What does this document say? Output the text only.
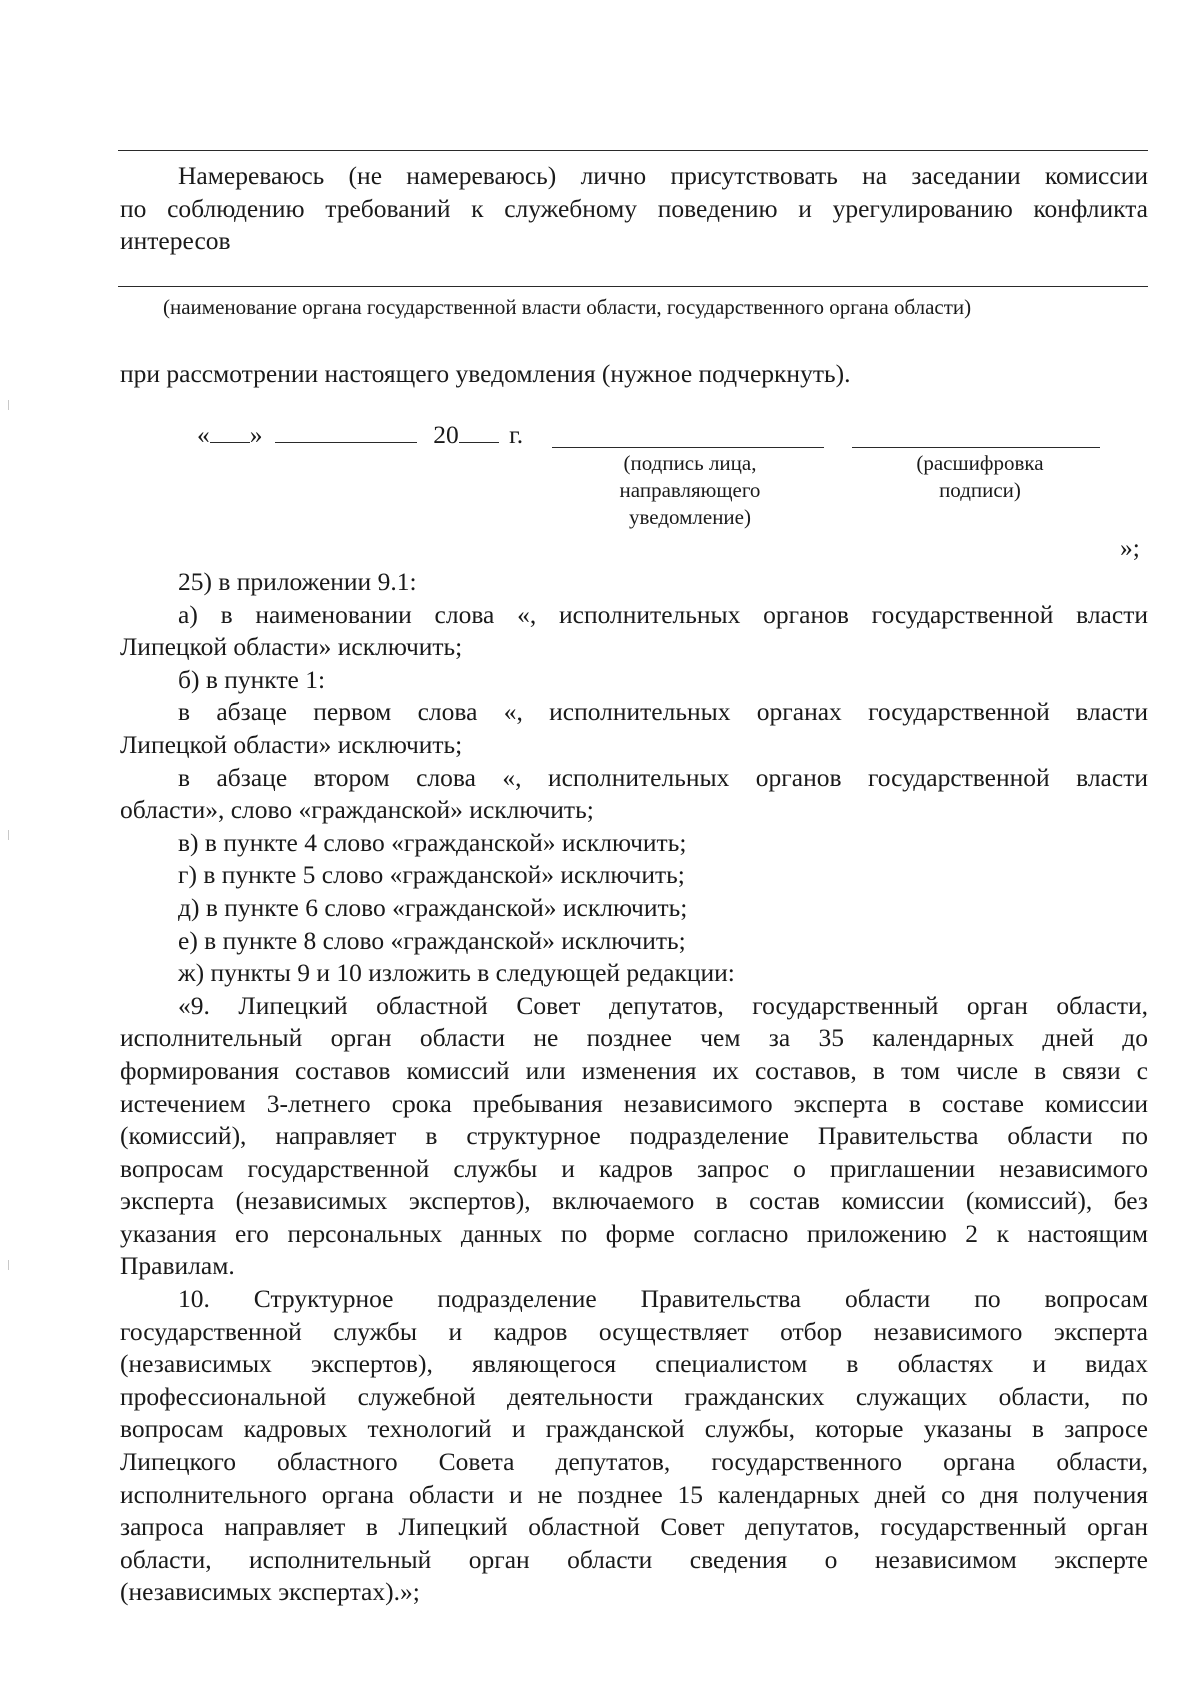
Намереваюсь (не намереваюсь) лично присутствовать на заседании комиссии
по соблюдению требований к служебному поведению и урегулированию конфликта
интересов
(наименование органа государственной власти области, государственного органа области)
при рассмотрении настоящего уведомления (нужное подчеркнуть).
« »	20 г.
(подпись лица,
направляющего
уведомление)
(расшифровка
подписи)
»;
25) в приложении 9.1:
а) в наименовании слова «, исполнительных органов государственной власти
Липецкой области» исключить;
б) в пункте 1:
в абзаце первом слова «, исполнительных органах государственной власти
Липецкой области» исключить;
в абзаце втором слова «, исполнительных органов государственной власти
области», слово «гражданской» исключить;
в) в пункте 4 слово «гражданской» исключить;
г) в пункте 5 слово «гражданской» исключить;
д) в пункте 6 слово «гражданской» исключить;
е) в пункте 8 слово «гражданской» исключить;
ж) пункты 9 и 10 изложить в следующей редакции:
«9. Липецкий областной Совет депутатов, государственный орган области,
исполнительный орган области не позднее чем за 35 календарных дней до
формирования составов комиссий или изменения их составов, в том числе в связи с
истечением 3-летнего срока пребывания независимого эксперта в составе комиссии
(комиссий), направляет в структурное подразделение Правительства области по
вопросам государственной службы и кадров запрос о приглашении независимого
эксперта (независимых экспертов), включаемого в состав комиссии (комиссий), без
указания его персональных данных по форме согласно приложению 2 к настоящим
Правилам.
10. Структурное подразделение Правительства области по вопросам
государственной службы и кадров осуществляет отбор независимого эксперта
(независимых экспертов), являющегося специалистом в областях и видах
профессиональной служебной деятельности гражданских служащих области, по
вопросам кадровых технологий и гражданской службы, которые указаны в запросе
Липецкого областного Совета депутатов, государственного органа области,
исполнительного органа области и не позднее 15 календарных дней со дня получения
запроса направляет в Липецкий областной Совет депутатов, государственный орган
области, исполнительный орган области сведения о независимом эксперте
(независимых экспертах).»;
